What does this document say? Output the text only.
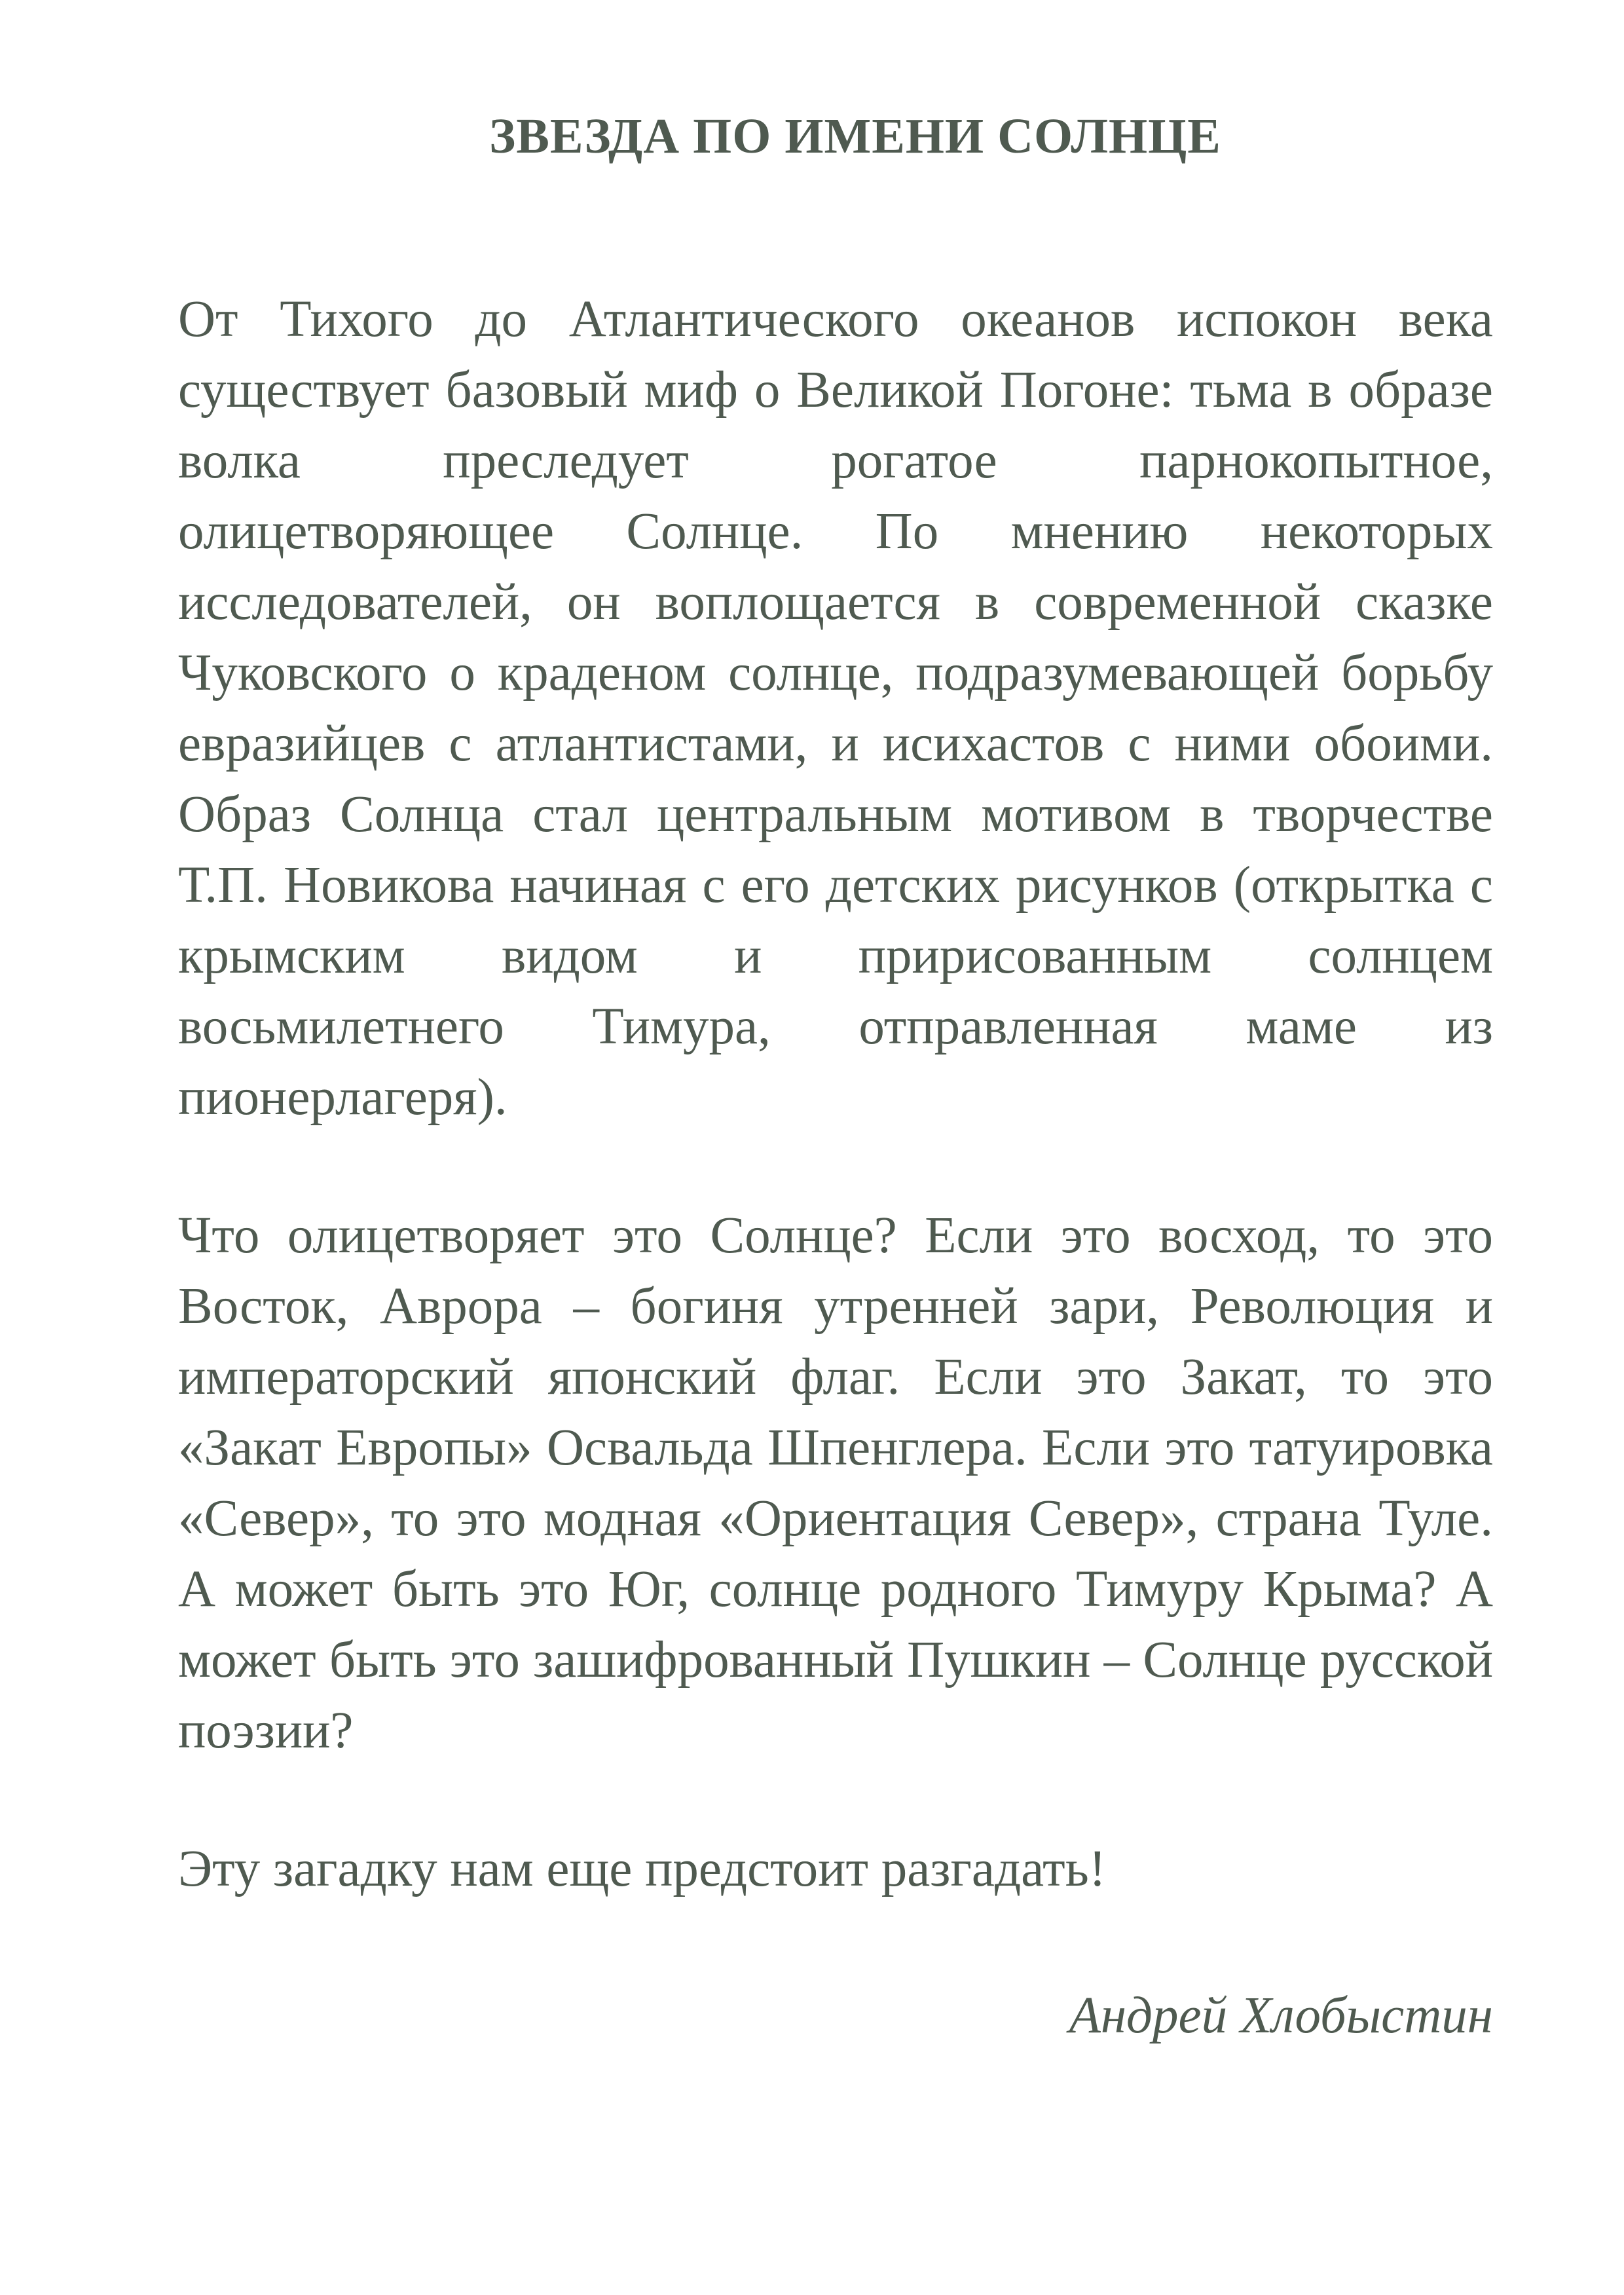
ЗВЕЗДА ПО ИМЕНИ СОЛНЦЕ

От Тихого до Атлантического океанов испокон века существует базовый миф о Великой Погоне: тьма в образе волка преследует рогатое парнокопытное, олицетворяющее Солнце. По мнению некоторых исследователей, он воплощается в современной сказке Чуковского о краденом солнце, подразумевающей борьбу евразийцев с атлантистами, и исихастов с ними обоими. Образ Солнца стал центральным мотивом в творчестве Т.П. Новикова начиная с его детских рисунков (открытка с крымским видом и пририсованным солнцем восьмилетнего Тимура, отправленная маме из пионерлагеря).

Что олицетворяет это Солнце? Если это восход, то это Восток, Аврора – богиня утренней зари, Революция и императорский японский флаг. Если это Закат, то это «Закат Европы» Освальда Шпенглера. Если это татуировка «Север», то это модная «Ориентация Север», страна Туле. А может быть это Юг, солнце родного Тимуру Крыма? А может быть это зашифрованный Пушкин – Солнце русской поэзии?

Эту загадку нам еще предстоит разгадать!

Андрей Хлобыстин
